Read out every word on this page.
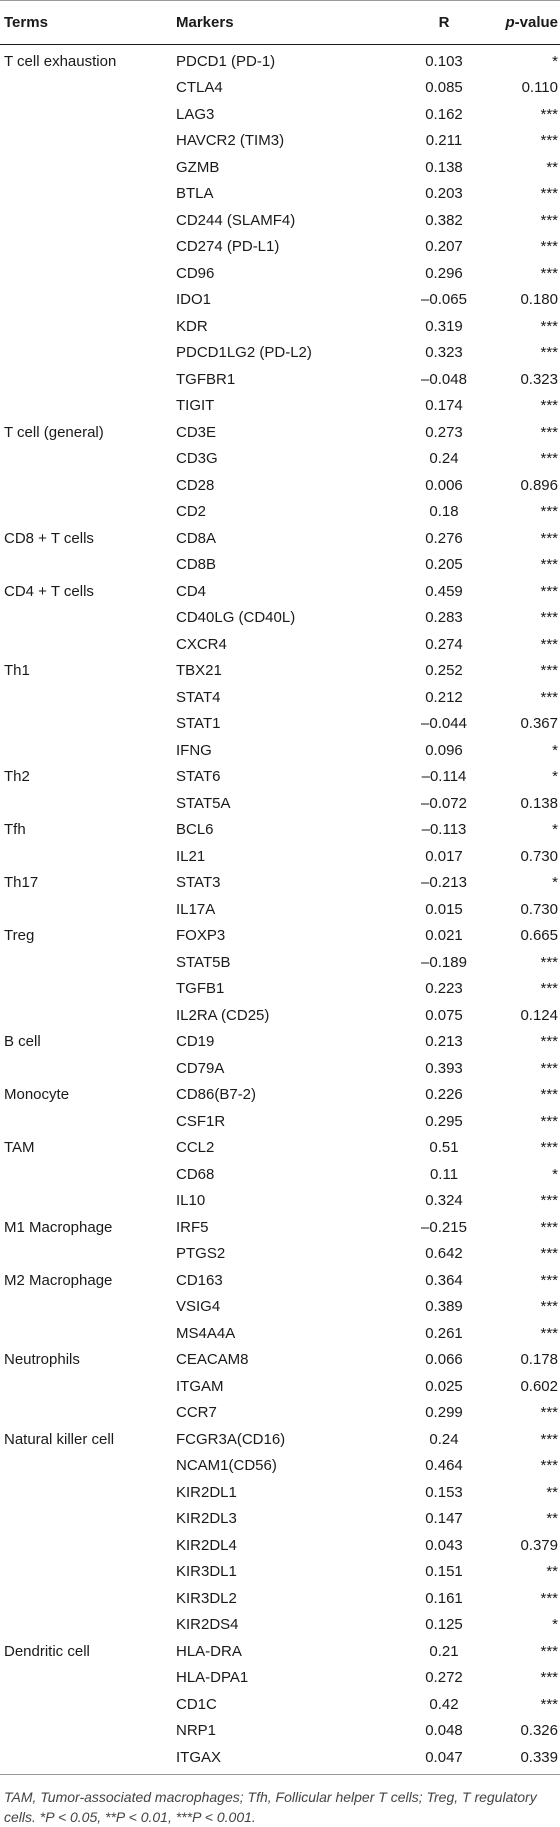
Terms	Markers	R	p-value
T cell exhaustion	PDCD1 (PD-1)	0.103	*
	CTLA4	0.085	0.110
	LAG3	0.162	***
	HAVCR2 (TIM3)	0.211	***
	GZMB	0.138	**
	BTLA	0.203	***
	CD244 (SLAMF4)	0.382	***
	CD274 (PD-L1)	0.207	***
	CD96	0.296	***
	IDO1	–0.065	0.180
	KDR	0.319	***
	PDCD1LG2 (PD-L2)	0.323	***
	TGFBR1	–0.048	0.323
	TIGIT	0.174	***
T cell (general)	CD3E	0.273	***
	CD3G	0.24	***
	CD28	0.006	0.896
	CD2	0.18	***
CD8 + T cells	CD8A	0.276	***
	CD8B	0.205	***
CD4 + T cells	CD4	0.459	***
	CD40LG (CD40L)	0.283	***
	CXCR4	0.274	***
Th1	TBX21	0.252	***
	STAT4	0.212	***
	STAT1	–0.044	0.367
	IFNG	0.096	*
Th2	STAT6	–0.114	*
	STAT5A	–0.072	0.138
Tfh	BCL6	–0.113	*
	IL21	0.017	0.730
Th17	STAT3	–0.213	*
	IL17A	0.015	0.730
Treg	FOXP3	0.021	0.665
	STAT5B	–0.189	***
	TGFB1	0.223	***
	IL2RA (CD25)	0.075	0.124
B cell	CD19	0.213	***
	CD79A	0.393	***
Monocyte	CD86(B7-2)	0.226	***
	CSF1R	0.295	***
TAM	CCL2	0.51	***
	CD68	0.11	*
	IL10	0.324	***
M1 Macrophage	IRF5	–0.215	***
	PTGS2	0.642	***
M2 Macrophage	CD163	0.364	***
	VSIG4	0.389	***
	MS4A4A	0.261	***
Neutrophils	CEACAM8	0.066	0.178
	ITGAM	0.025	0.602
	CCR7	0.299	***
Natural killer cell	FCGR3A(CD16)	0.24	***
	NCAM1(CD56)	0.464	***
	KIR2DL1	0.153	**
	KIR2DL3	0.147	**
	KIR2DL4	0.043	0.379
	KIR3DL1	0.151	**
	KIR3DL2	0.161	***
	KIR2DS4	0.125	*
Dendritic cell	HLA-DRA	0.21	***
	HLA-DPA1	0.272	***
	CD1C	0.42	***
	NRP1	0.048	0.326
	ITGAX	0.047	0.339
TAM, Tumor-associated macrophages; Tfh, Follicular helper T cells; Treg, T regulatory cells. *P < 0.05, **P < 0.01, ***P < 0.001.
